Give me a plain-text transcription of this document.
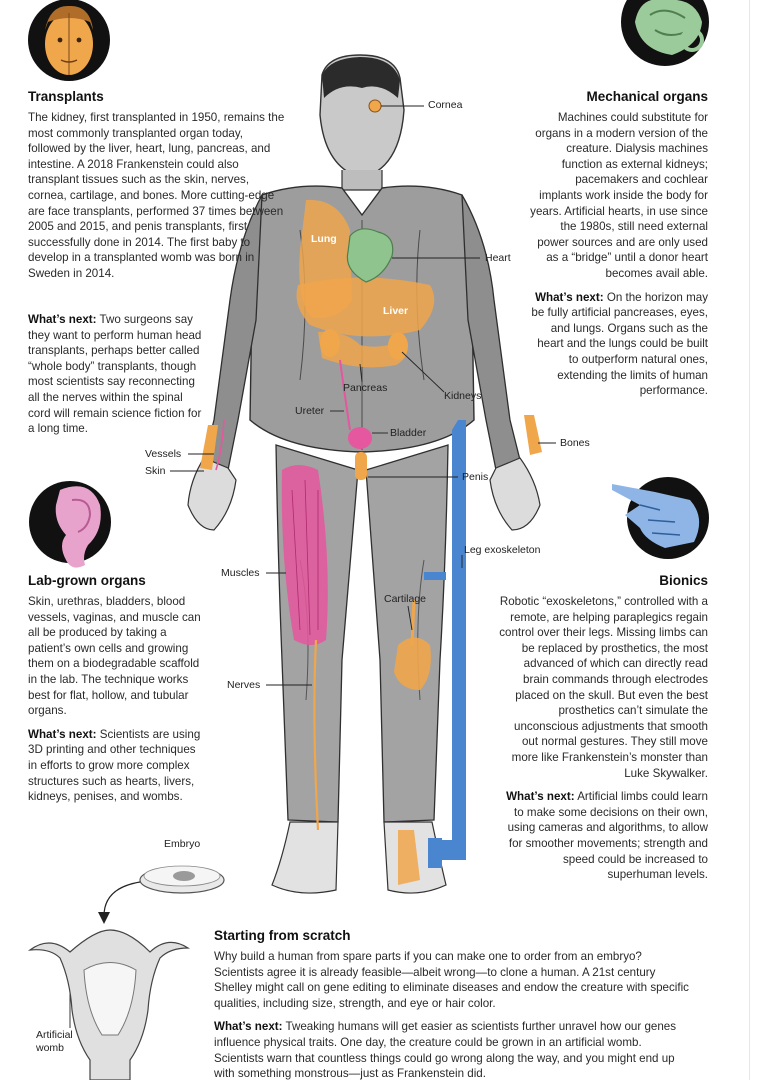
Cornea
Heart
Lung
Liver
Pancreas
Kidneys
Ureter
Bladder
Bones
Vessels
Skin	Penis
Leg exoskeleton
Muscles
Cartilage
Nerves
Embryo
Artificial womb

Transplants

The kidney, first transplanted in 1950, remains the most commonly transplanted organ today, followed by the liver, heart, lung, pancreas, and intestine. A 2018 Frankenstein could also transplant tissues such as the skin, nerves, cornea, cartilage, and bones. More cutting-edge are face transplants, performed 37 times between 2005 and 2015, and penis transplants, first successfully done in 2014. The first baby to develop in a transplanted womb was born in Sweden in 2014.

What’s next: Two surgeons say they want to perform human head transplants, perhaps better called “whole body” transplants, though most scientists say reconnecting all the nerves within the spinal cord will remain science fiction for a long time.

Mechanical organs

Machines could substitute for organs in a modern version of the creature. Dialysis machines function as external kidneys; pacemakers and cochlear implants work inside the body for years. Artificial hearts, in use since the 1980s, still need external power sources and are only used as a “bridge” until a donor heart becomes avail able.

What’s next: On the horizon may be fully artificial pancreases, eyes, and lungs. Organs such as the heart and the lungs could be built to outperform natural ones, extending the limits of human performance.

Lab-grown organs

Skin, urethras, bladders, blood vessels, vaginas, and muscle can all be produced by taking a patient’s own cells and growing them on a biodegradable scaffold in the lab. The technique works best for flat, hollow, and tubular organs.

What’s next: Scientists are using 3D printing and other techniques in efforts to grow more complex structures such as hearts, livers, kidneys, penises, and wombs.

Bionics

Robotic “exoskeletons,” controlled with a remote, are helping paraplegics regain control over their legs. Missing limbs can be replaced by prosthetics, the most advanced of which can directly read brain commands through electrodes placed on the skull. But even the best prosthetics can’t simulate the unconscious adjustments that smooth out normal gestures. They still move more like Frankenstein’s monster than Luke Skywalker.

What’s next: Artificial limbs could learn to make some decisions on their own, using cameras and algorithms, to allow for smoother movements; strength and speed could be increased to superhuman levels.

Starting from scratch

Why build a human from spare parts if you can make one to order from an embryo? Scientists agree it is already feasible—albeit wrong—to clone a human. A 21st century Shelley might call on gene editing to eliminate diseases and endow the creature with specific qualities, including size, strength, and eye or hair color.

What’s next: Tweaking humans will get easier as scientists further unravel how our genes influence physical traits. One day, the creature could be grown in an artificial womb. Scientists warn that countless things could go wrong along the way, and you might end up with something monstrous—just as Frankenstein did.
